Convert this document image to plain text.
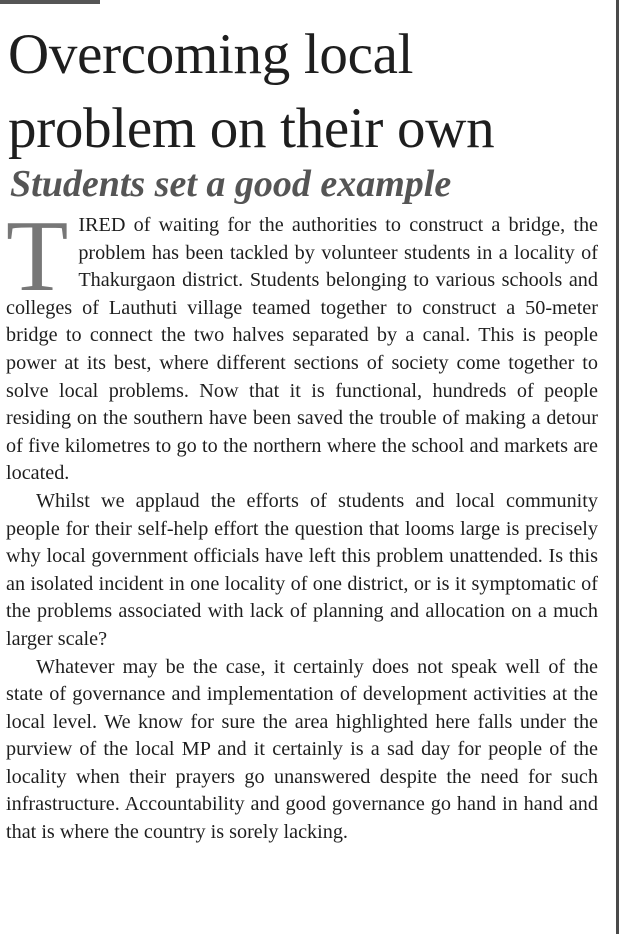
Overcoming local problem on their own
Students set a good example

T IRED of waiting for the authorities to construct a bridge, the problem has been tackled by volunteer students in a locality of Thakurgaon district. Students belonging to various schools and colleges of Lauthuti village teamed together to construct a 50-meter bridge to connect the two halves separated by a canal. This is people power at its best, where different sections of society come together to solve local problems. Now that it is functional, hundreds of people residing on the southern have been saved the trouble of making a detour of five kilometres to go to the northern where the school and markets are located.

Whilst we applaud the efforts of students and local community people for their self-help effort the question that looms large is precisely why local government officials have left this problem unattended. Is this an isolated incident in one locality of one district, or is it symptomatic of the problems associated with lack of planning and allocation on a much larger scale?

Whatever may be the case, it certainly does not speak well of the state of governance and implementation of development activities at the local level. We know for sure the area highlighted here falls under the purview of the local MP and it certainly is a sad day for people of the locality when their prayers go unanswered despite the need for such infrastructure. Accountability and good governance go hand in hand and that is where the country is sorely lacking.
